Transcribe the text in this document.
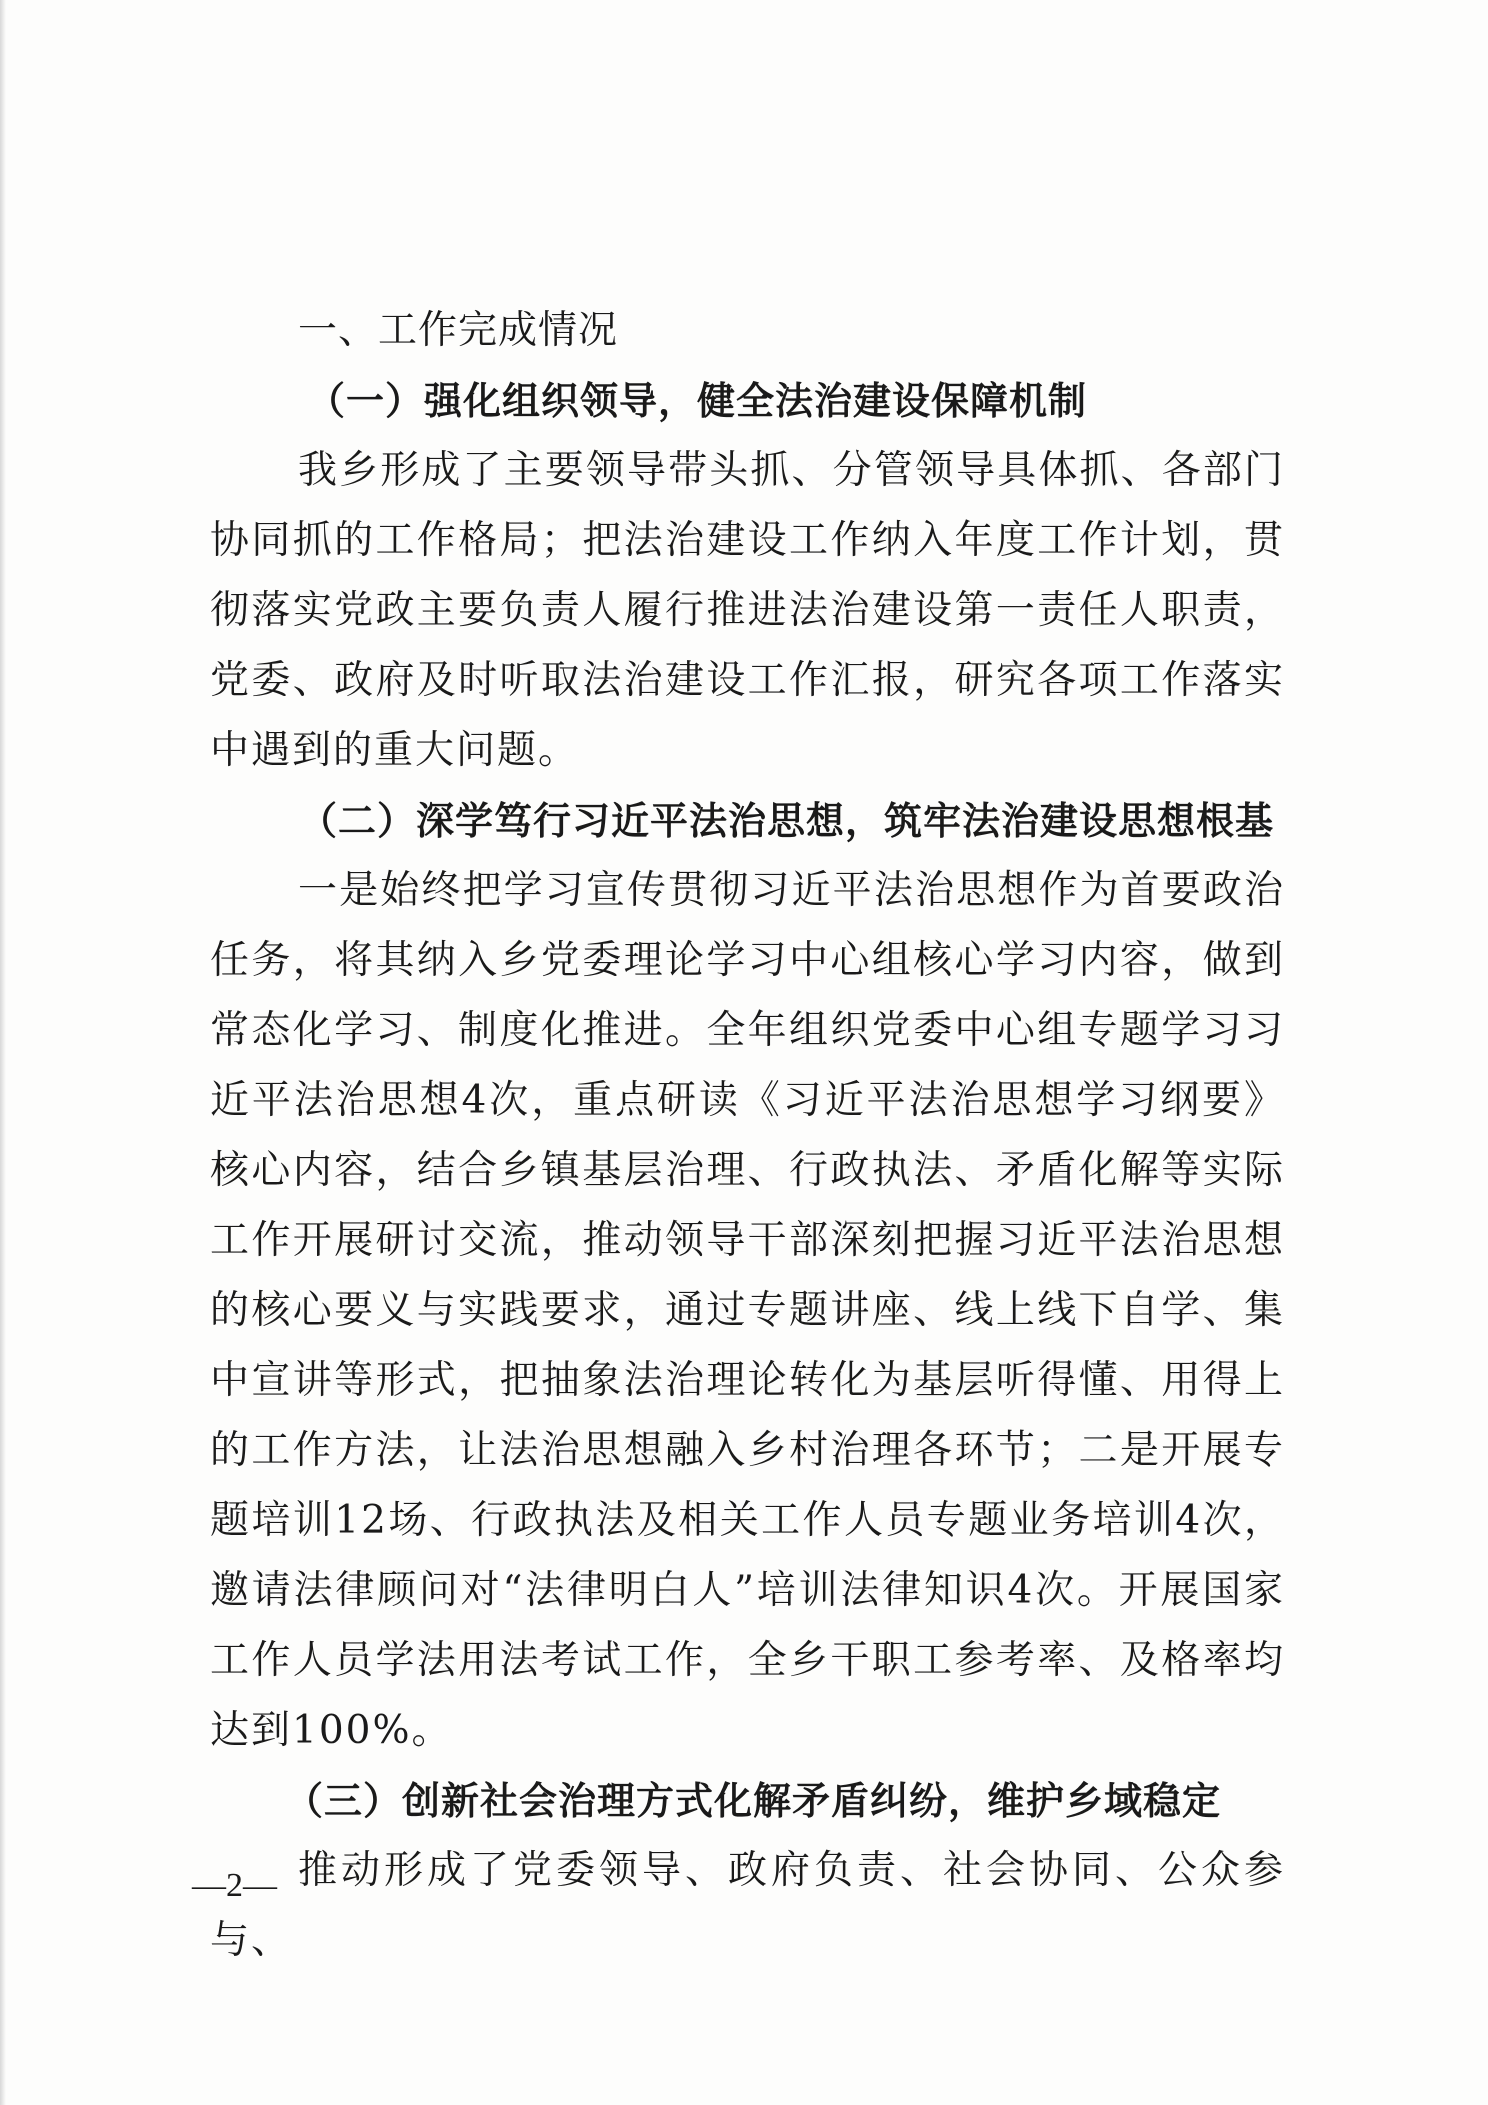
一、工作完成情况
（一）强化组织领导，健全法治建设保障机制

我乡形成了主要领导带头抓、分管领导具体抓、各部门协同抓的工作格局；把法治建设工作纳入年度工作计划，贯彻落实党政主要负责人履行推进法治建设第一责任人职责，党委、政府及时听取法治建设工作汇报，研究各项工作落实中遇到的重大问题。

（二）深学笃行习近平法治思想，筑牢法治建设思想根基

一是始终把学习宣传贯彻习近平法治思想作为首要政治任务，将其纳入乡党委理论学习中心组核心学习内容，做到常态化学习、制度化推进。全年组织党委中心组专题学习习近平法治思想4次，重点研读《习近平法治思想学习纲要》核心内容，结合乡镇基层治理、行政执法、矛盾化解等实际工作开展研讨交流，推动领导干部深刻把握习近平法治思想的核心要义与实践要求，通过专题讲座、线上线下自学、集中宣讲等形式，把抽象法治理论转化为基层听得懂、用得上的工作方法，让法治思想融入乡村治理各环节；二是开展专题培训12场、行政执法及相关工作人员专题业务培训4次，邀请法律顾问对“法律明白人”培训法律知识4次。开展国家工作人员学法用法考试工作，全乡干职工参考率、及格率均达到100%。

（三）创新社会治理方式化解矛盾纠纷，维护乡域稳定

推动形成了党委领导、政府负责、社会协同、公众参与、

—2—
